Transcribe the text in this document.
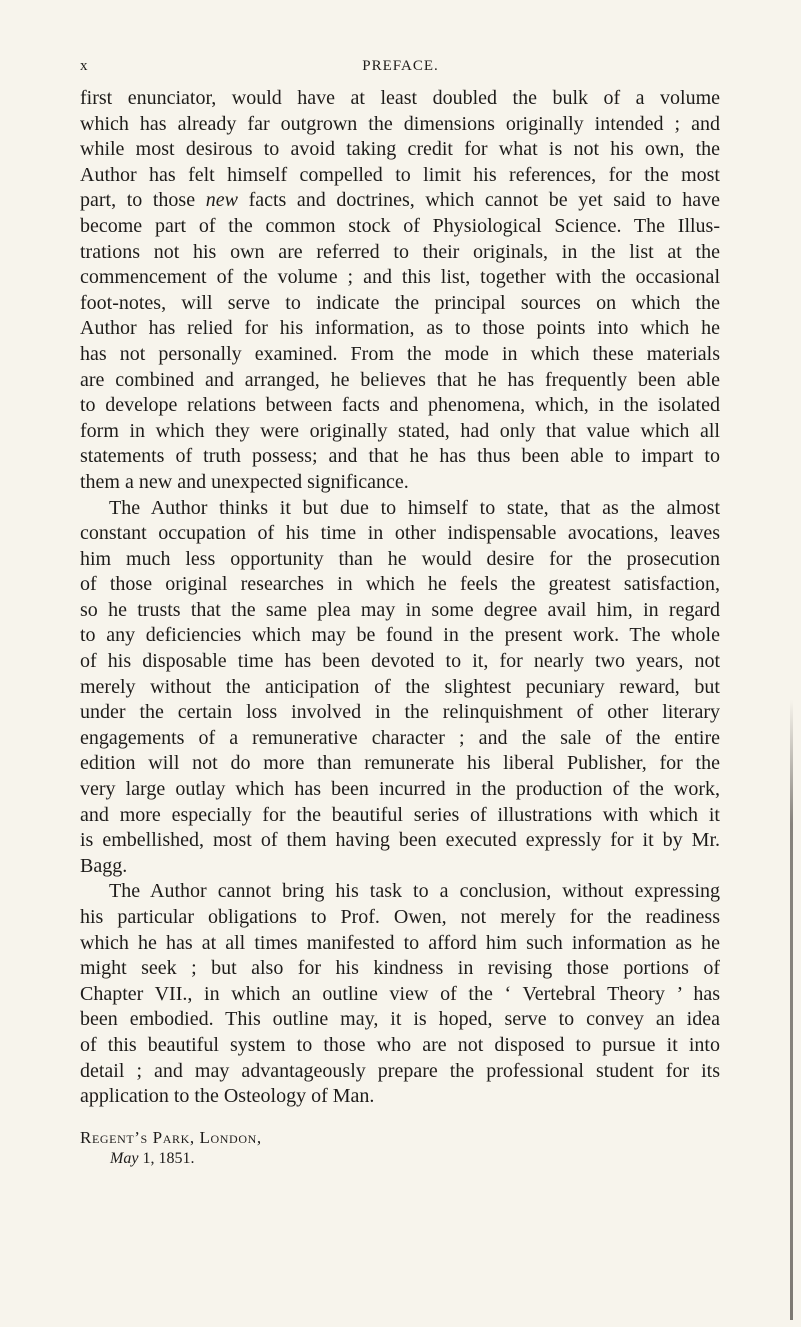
x	PREFACE.
first enunciator, would have at least doubled the bulk of a volume
which has already far outgrown the dimensions originally intended ; and
while most desirous to avoid taking credit for what is not his own, the
Author has felt himself compelled to limit his references, for the most
part, to those new facts and doctrines, which cannot be yet said to have
become part of the common stock of Physiological Science. The Illus-
trations not his own are referred to their originals, in the list at the
commencement of the volume ; and this list, together with the occasional
foot-notes, will serve to indicate the principal sources on which the
Author has relied for his information, as to those points into which he
has not personally examined. From the mode in which these materials
are combined and arranged, he believes that he has frequently been able
to develope relations between facts and phenomena, which, in the isolated
form in which they were originally stated, had only that value which all
statements of truth possess; and that he has thus been able to impart to
them a new and unexpected significance.
The Author thinks it but due to himself to state, that as the almost
constant occupation of his time in other indispensable avocations, leaves
him much less opportunity than he would desire for the prosecution
of those original researches in which he feels the greatest satisfaction,
so he trusts that the same plea may in some degree avail him, in regard
to any deficiencies which may be found in the present work. The whole
of his disposable time has been devoted to it, for nearly two years, not
merely without the anticipation of the slightest pecuniary reward, but
under the certain loss involved in the relinquishment of other literary
engagements of a remunerative character ; and the sale of the entire
edition will not do more than remunerate his liberal Publisher, for the
very large outlay which has been incurred in the production of the work,
and more especially for the beautiful series of illustrations with which it
is embellished, most of them having been executed expressly for it by Mr.
Bagg.
The Author cannot bring his task to a conclusion, without expressing
his particular obligations to Prof. Owen, not merely for the readiness
which he has at all times manifested to afford him such information as he
might seek ; but also for his kindness in revising those portions of
Chapter VII., in which an outline view of the ‘ Vertebral Theory ’ has
been embodied. This outline may, it is hoped, serve to convey an idea
of this beautiful system to those who are not disposed to pursue it into
detail ; and may advantageously prepare the professional student for its
application to the Osteology of Man.
Regent’s Park, London,
May 1, 1851.
